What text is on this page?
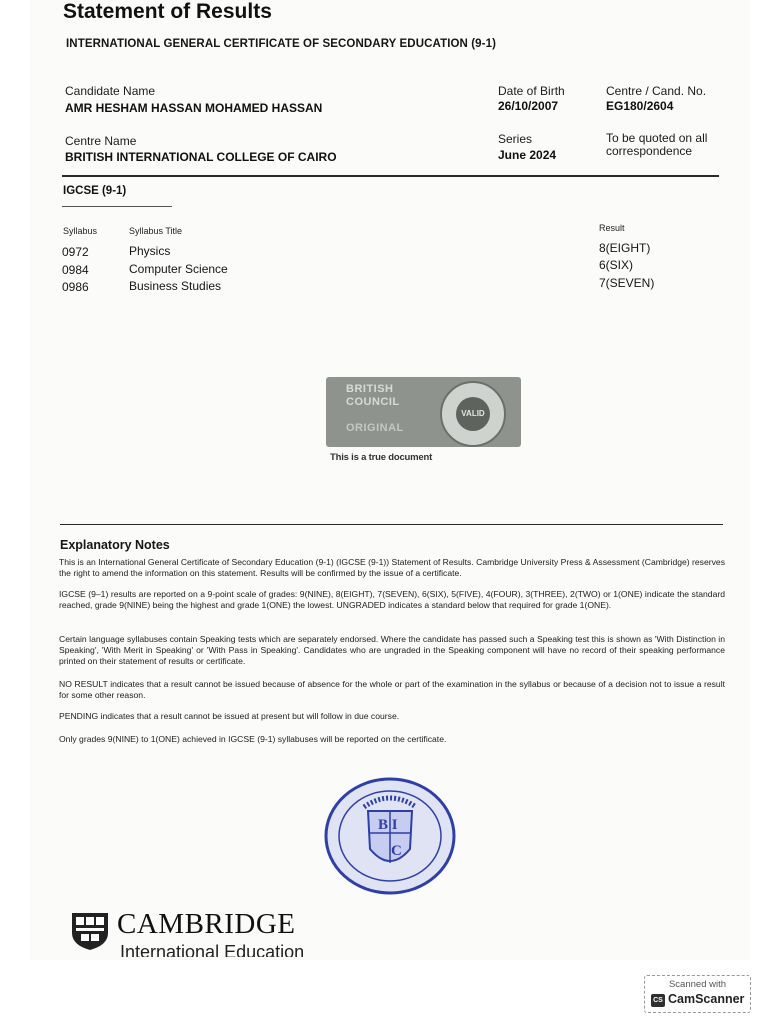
Statement of Results
INTERNATIONAL GENERAL CERTIFICATE OF SECONDARY EDUCATION (9-1)
Candidate Name
AMR HESHAM HASSAN MOHAMED HASSAN
Date of Birth
26/10/2007
Centre / Cand. No.
EG180/2604
Centre Name
BRITISH INTERNATIONAL COLLEGE OF CAIRO
Series
June 2024
To be quoted on all correspondence
IGCSE (9-1)
Syllabus	Syllabus Title	Result
0972	Physics	8(EIGHT)
0984	Computer Science	6(SIX)
0986	Business Studies	7(SEVEN)
BRITISH
COUNCIL
ORIGINAL
VALID
This is a true document
Explanatory Notes
This is an International General Certificate of Secondary Education (9-1) (IGCSE (9-1)) Statement of Results. Cambridge University Press & Assessment (Cambridge) reserves the right to amend the information on this statement. Results will be confirmed by the issue of a certificate.
IGCSE (9–1) results are reported on a 9-point scale of grades: 9(NINE), 8(EIGHT), 7(SEVEN), 6(SIX), 5(FIVE), 4(FOUR), 3(THREE), 2(TWO) or 1(ONE) indicate the standard reached, grade 9(NINE) being the highest and grade 1(ONE) the lowest. UNGRADED indicates a standard below that required for grade 1(ONE).
Certain language syllabuses contain Speaking tests which are separately endorsed. Where the candidate has passed such a Speaking test this is shown as 'With Distinction in Speaking', 'With Merit in Speaking' or 'With Pass in Speaking'. Candidates who are ungraded in the Speaking component will have no record of their speaking performance printed on their statement of results or certificate.
NO RESULT indicates that a result cannot be issued because of absence for the whole or part of the examination in the syllabus or because of a decision not to issue a result for some other reason.
PENDING indicates that a result cannot be issued at present but will follow in due course.
Only grades 9(NINE) to 1(ONE) achieved in IGCSE (9-1) syllabuses will be reported on the certificate.
B I
C
CAMBRIDGE
International Education
Scanned with
CS CamScanner
